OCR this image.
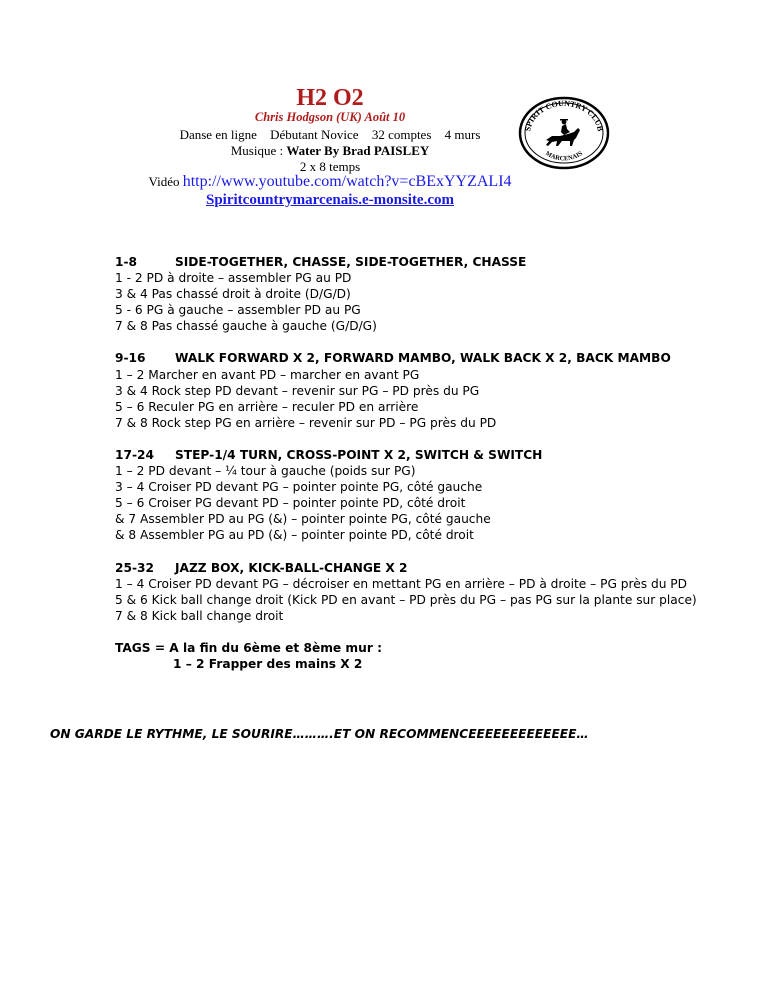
H2 O2
Chris Hodgson (UK) Août 10
Danse en ligne Débutant Novice 32 comptes 4 murs
Musique : Water By Brad PAISLEY
2 x 8 temps
Vidéo http://www.youtube.com/watch?v=cBExYYZALI4
Spiritcountrymarcenais.e-monsite.com
SPIRIT COUNTRY CLUB
MARCENAIS
1-8	SIDE-TOGETHER, CHASSE, SIDE-TOGETHER, CHASSE
1 - 2 PD à droite – assembler PG au PD
3 & 4 Pas chassé droit à droite (D/G/D)
5 - 6 PG à gauche – assembler PD au PG
7 & 8 Pas chassé gauche à gauche (G/D/G)
9-16 WALK FORWARD X 2, FORWARD MAMBO, WALK BACK X 2, BACK MAMBO
1 – 2 Marcher en avant PD – marcher en avant PG
3 & 4 Rock step PD devant – revenir sur PG – PD près du PG
5 – 6 Reculer PG en arrière – reculer PD en arrière
7 & 8 Rock step PG en arrière – revenir sur PD – PG près du PD
17-24 STEP-1/4 TURN, CROSS-POINT X 2, SWITCH & SWITCH
1 – 2 PD devant – ¼ tour à gauche (poids sur PG)
3 – 4 Croiser PD devant PG – pointer pointe PG, côté gauche
5 – 6 Croiser PG devant PD – pointer pointe PD, côté droit
& 7 Assembler PD au PG (&) – pointer pointe PG, côté gauche
& 8 Assembler PG au PD (&) – pointer pointe PD, côté droit
25-32 JAZZ BOX, KICK-BALL-CHANGE X 2
1 – 4 Croiser PD devant PG – décroiser en mettant PG en arrière – PD à droite – PG près du PD
5 & 6 Kick ball change droit (Kick PD en avant – PD près du PG – pas PG sur la plante sur place)
7 & 8 Kick ball change droit
TAGS = A la fin du 6ème et 8ème mur :
1 – 2 Frapper des mains X 2
ON GARDE LE RYTHME, LE SOURIRE……….ET ON RECOMMENCEEEEEEEEEEEEE…
